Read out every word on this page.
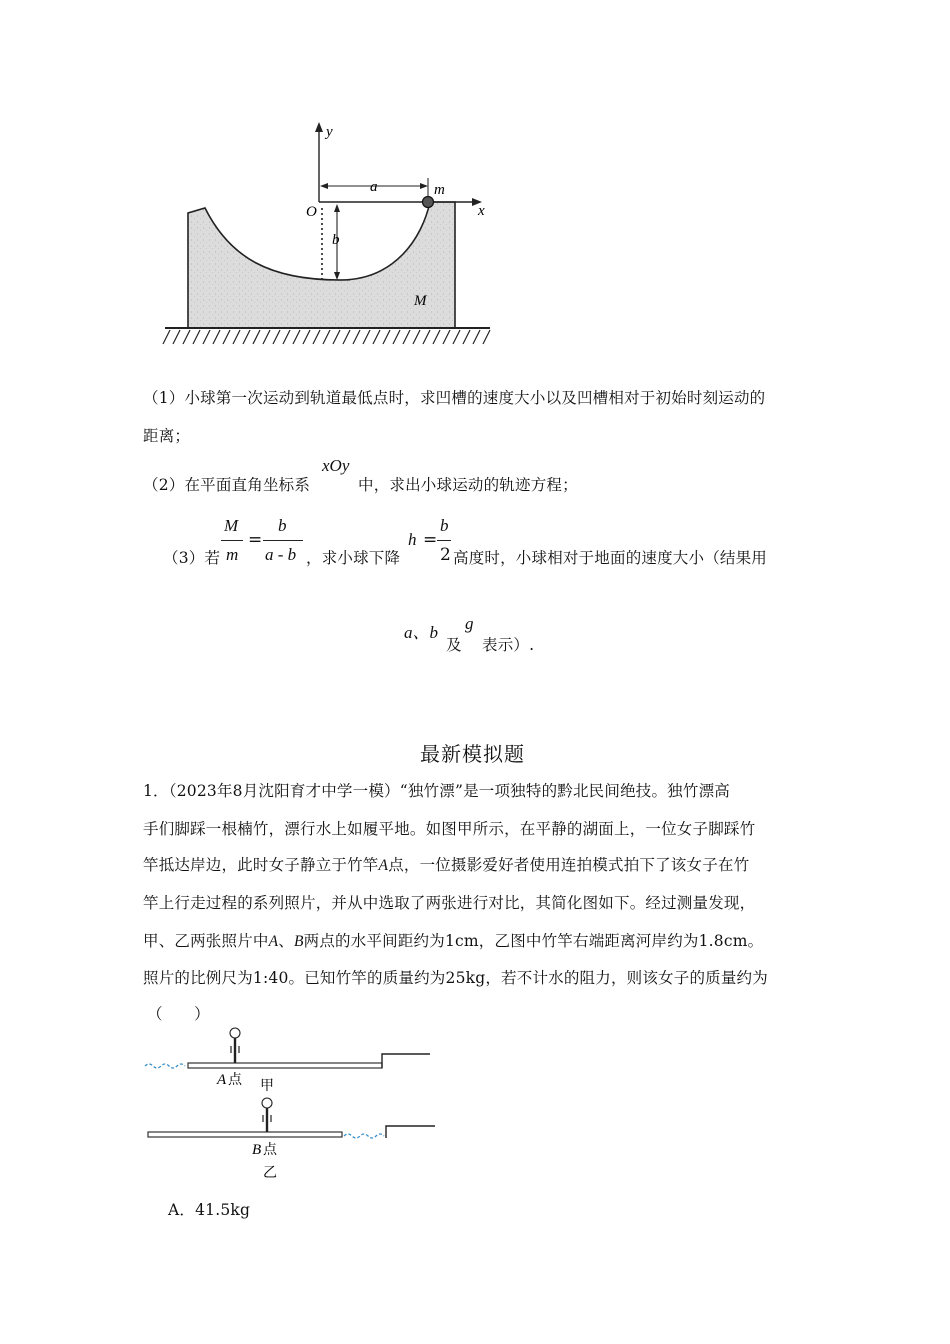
y
x
O
a
b
m
M
（1）小球第一次运动到轨道最低点时，求凹槽的速度大小以及凹槽相对于初始时刻运动的
距离；
（2）在平面直角坐标系
xOy
中，求出小球运动的轨迹方程；
（3）若
M
m
=
b
a - b ，求小球下降
h =
b
2 高度时，小球相对于地面的速度大小（结果用
a、b
及
g
表示）.
最新模拟题
1．（2023年8月沈阳育才中学一模）“独竹漂”是一项独特的黔北民间绝技。独竹漂高
手们脚踩一根楠竹，漂行水上如履平地。如图甲所示，在平静的湖面上，一位女子脚踩竹
竿抵达岸边，此时女子静立于竹竿A点，一位摄影爱好者使用连拍模式拍下了该女子在竹
竿上行走过程的系列照片，并从中选取了两张进行对比，其简化图如下。经过测量发现，
甲、乙两张照片中A、B两点的水平间距约为1cm，乙图中竹竿右端距离河岸约为1.8cm。
照片的比例尺为1:40。已知竹竿的质量约为25kg，若不计水的阻力，则该女子的质量约为
（　　）
A 点 甲
B 点
乙
A．41.5kg
